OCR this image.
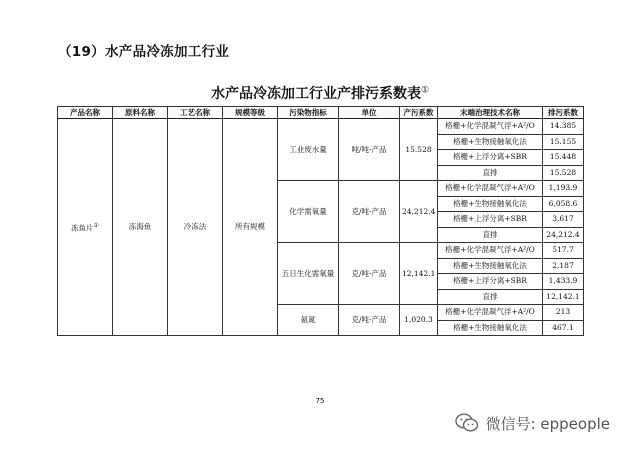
（19）水产品冷冻加工行业
水产品冷冻加工行业产排污系数表①
产品名称	原料名称	工艺名称	规模等级	污染物指标	单位	产污系数	末端治理技术名称	排污系数
冻鱼片①	冻海鱼	冷冻法	所有规模	工业废水量	吨/吨-产品	15.528	格栅+化学混凝气浮+A²/O	14.385
							格栅+生物接触氧化法	15.155
							格栅+上浮分离+SBR	15.448
							直排	15.528
				化学需氧量	克/吨-产品	24,212.4	格栅+化学混凝气浮+A²/O	1,193.9
							格栅+生物接触氧化法	6,058.6
							格栅+上浮分离+SBR	3,617
							直排	24,212.4
				五日生化需氧量	克/吨-产品	12,142.1	格栅+化学混凝气浮+A²/O	517.7
							格栅+生物接触氧化法	2,187
							格栅+上浮分离+SBR	1,433.9
							直排	12,142.1
				氨氮	克/吨-产品	1,020.3	格栅+化学混凝气浮+A²/O	213
							格栅+生物接触氧化法	467.1
75
微信号: eppeople
